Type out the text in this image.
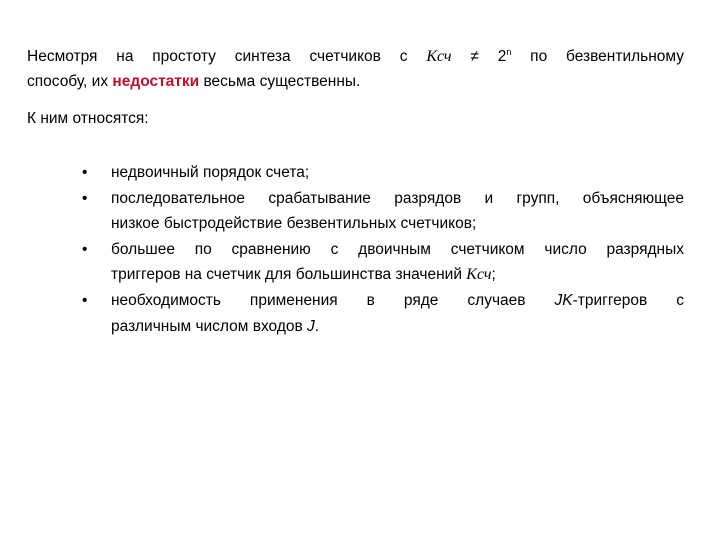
Несмотря на простоту синтеза счетчиков с Kсч ≠ $2^n$ по безвентильному
способу, их недостатки весьма существенны.

К ним относятся:

• недвоичный порядок счета;
• последовательное срабатывание разрядов и групп, объясняющее
низкое быстродействие безвентильных счетчиков;
• большее по сравнению с двоичным счетчиком число разрядных
триггеров на счетчик для большинства значений Kсч;
• необходимость применения в ряде случаев JK-триггеров с
различным числом входов J.
